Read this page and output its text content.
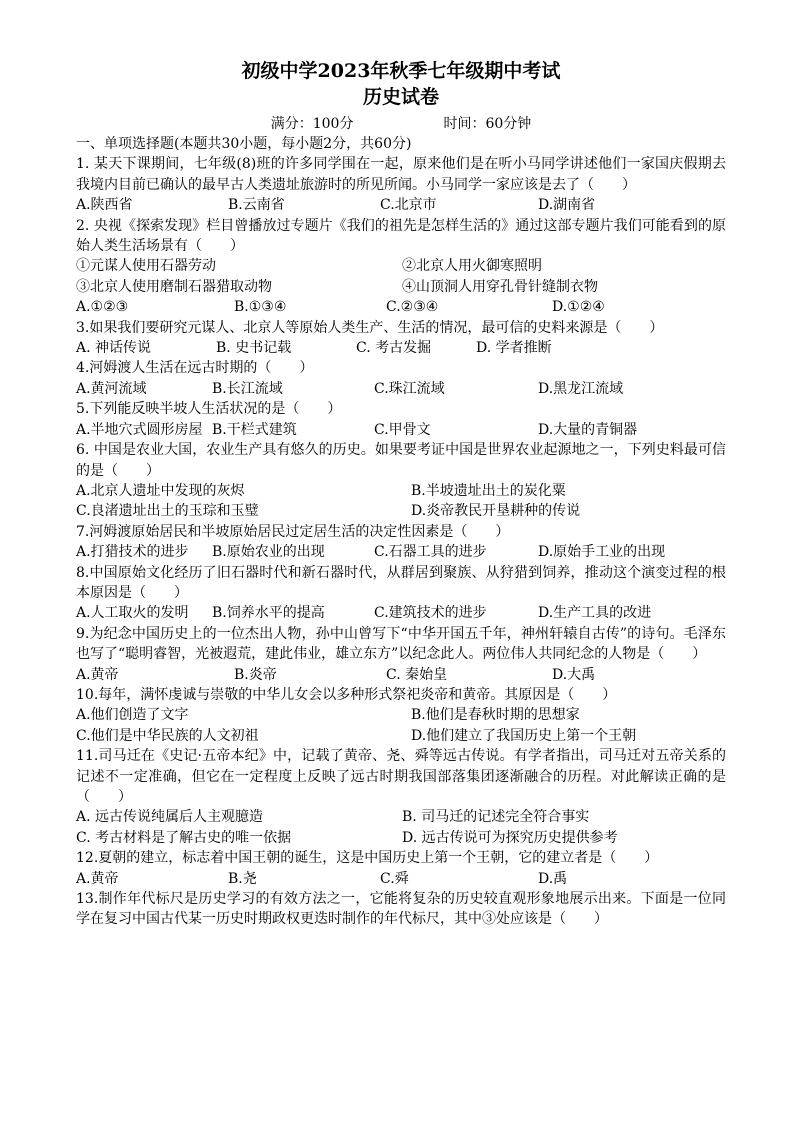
初级中学2023年秋季七年级期中考试
历史试卷
满分：100分	时间：60分钟
一、单项选择题(本题共30小题，每小题2分，共60分)
1. 某天下课期间，七年级(8)班的许多同学围在一起，原来他们是在听小马同学讲述他们一家国庆假期去我境内目前已确认的最早古人类遗址旅游时的所见所闻。小马同学一家应该是去了（　　）
A.陕西省	B.云南省	C.北京市	D.湖南省
2. 央视《探索发现》栏目曾播放过专题片《我们的祖先是怎样生活的》通过这部专题片我们可能看到的原始人类生活场景有（　　）
①元谋人使用石器劳动	②北京人用火御寒照明
③北京人使用磨制石器猎取动物	④山顶洞人用穿孔骨针缝制衣物
A.①②③	B.①③④	C.②③④	D.①②④
3.如果我们要研究元谋人、北京人等原始人类生产、生活的情况，最可信的史料来源是（　　）
A. 神话传说	B. 史书记载	C. 考古发掘	D. 学者推断
4.河姆渡人生活在远古时期的（　　）
A.黄河流域	B.长江流域	C.珠江流域	D.黑龙江流域
5.下列能反映半坡人生活状况的是（　　）
A.半地穴式圆形房屋 B.干栏式建筑	C.甲骨文	D.大量的青铜器
6. 中国是农业大国，农业生产具有悠久的历史。如果要考证中国是世界农业起源地之一，下列史料最可信的是（　　）
A.北京人遗址中发现的灰烬	B.半坡遗址出土的炭化粟
C.良渚遗址出土的玉琮和玉璧	D.炎帝教民开垦耕种的传说
7.河姆渡原始居民和半坡原始居民过定居生活的决定性因素是（　　）
A.打猎技术的进步	B.原始农业的出现	C.石器工具的进步	D.原始手工业的出现
8.中国原始文化经历了旧石器时代和新石器时代，从群居到聚族、从狩猎到饲养，推动这个演变过程的根本原因是（　　）
A.人工取火的发明	B.饲养水平的提高	C.建筑技术的进步	D.生产工具的改进
9.为纪念中国历史上的一位杰出人物，孙中山曾写下“中华开国五千年，神州轩辕自古传”的诗句。毛泽东也写了“聪明睿智，光被遐荒，建此伟业，雄立东方”以纪念此人。两位伟人共同纪念的人物是（　　）
A.黄帝	B.炎帝	C. 秦始皇	D.大禹
10.每年，满怀虔诚与崇敬的中华儿女会以多种形式祭祀炎帝和黄帝。其原因是（　　）
A.他们创造了文字	B.他们是春秋时期的思想家
C.他们是中华民族的人文初祖	D.他们建立了我国历史上第一个王朝
11.司马迁在《史记·五帝本纪》中，记载了黄帝、尧、舜等远古传说。有学者指出，司马迁对五帝关系的记述不一定准确，但它在一定程度上反映了远古时期我国部落集团逐渐融合的历程。对此解读正确的是（　　）
A. 远古传说纯属后人主观臆造	B. 司马迁的记述完全符合事实
C. 考古材料是了解古史的唯一依据	D. 远古传说可为探究历史提供参考
12.夏朝的建立，标志着中国王朝的诞生，这是中国历史上第一个王朝，它的建立者是（　　）
A.黄帝	B.尧	C.舜	D.禹
13.制作年代标尺是历史学习的有效方法之一，它能将复杂的历史较直观形象地展示出来。下面是一位同学在复习中国古代某一历史时期政权更迭时制作的年代标尺，其中③处应该是（　　）
